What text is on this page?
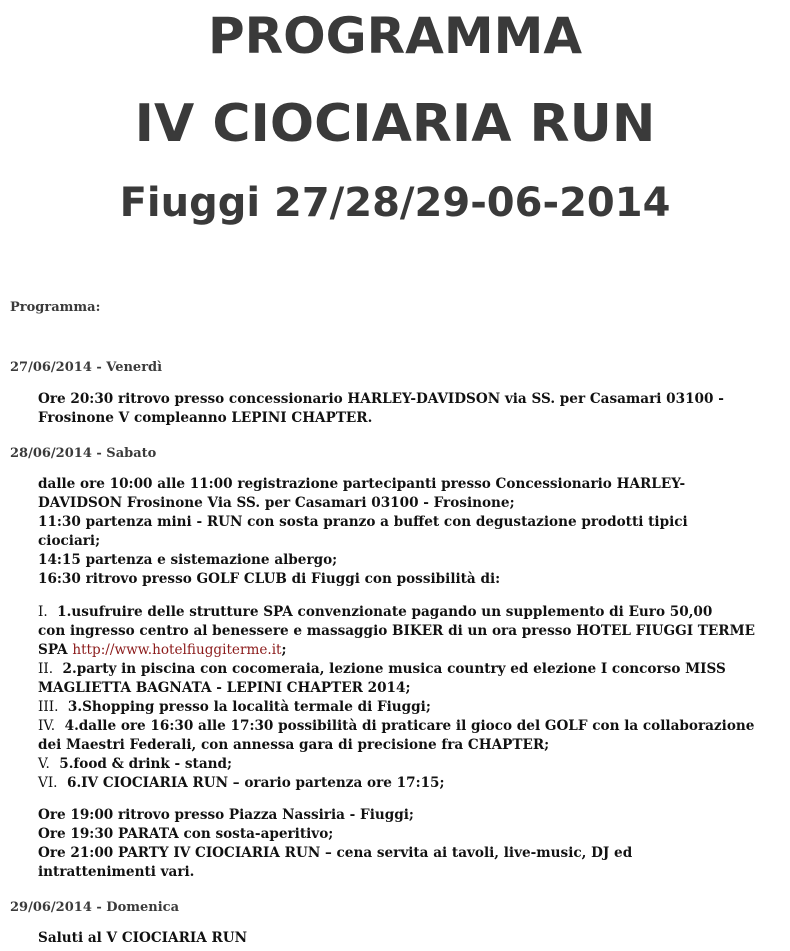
PROGRAMMA
IV CIOCIARIA RUN
Fiuggi 27/28/29-06-2014
Programma:
27/06/2014 - Venerdì
Ore 20:30 ritrovo presso concessionario HARLEY-DAVIDSON via SS. per Casamari 03100 -
Frosinone V compleanno LEPINI CHAPTER.
28/06/2014 - Sabato
dalle ore 10:00 alle 11:00 registrazione partecipanti presso Concessionario HARLEY-
DAVIDSON Frosinone Via SS. per Casamari 03100 - Frosinone;
11:30 partenza mini - RUN con sosta pranzo a buffet con degustazione prodotti tipici
ciociari;
14:15 partenza e sistemazione albergo;
16:30 ritrovo presso GOLF CLUB di Fiuggi con possibilità di:
I. 1.usufruire delle strutture SPA convenzionate pagando un supplemento di Euro 50,00
con ingresso centro al benessere e massaggio BIKER di un ora presso HOTEL FIUGGI TERME
SPA http://www.hotelfiuggiterme.it;
II. 2.party in piscina con cocomeraia, lezione musica country ed elezione I concorso MISS
MAGLIETTA BAGNATA - LEPINI CHAPTER 2014;
III. 3.Shopping presso la località termale di Fiuggi;
IV. 4.dalle ore 16:30 alle 17:30 possibilità di praticare il gioco del GOLF con la collaborazione
dei Maestri Federali, con annessa gara di precisione fra CHAPTER;
V. 5.food & drink - stand;
VI. 6.IV CIOCIARIA RUN – orario partenza ore 17:15;
Ore 19:00 ritrovo presso Piazza Nassiria - Fiuggi;
Ore 19:30 PARATA con sosta-aperitivo;
Ore 21:00 PARTY IV CIOCIARIA RUN – cena servita ai tavoli, live-music, DJ ed
intrattenimenti vari.
29/06/2014 - Domenica
Saluti al V CIOCIARIA RUN
